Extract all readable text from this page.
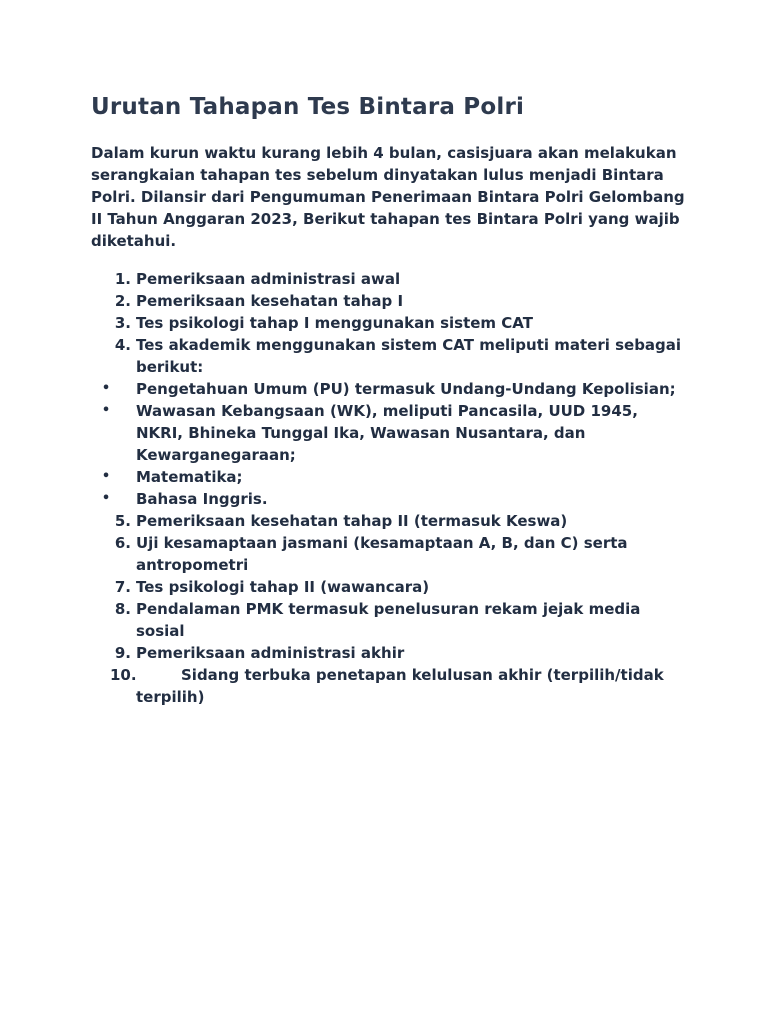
Urutan Tahapan Tes Bintara Polri

Dalam kurun waktu kurang lebih 4 bulan, casisjuara akan melakukan serangkaian tahapan tes sebelum dinyatakan lulus menjadi Bintara Polri. Dilansir dari Pengumuman Penerimaan Bintara Polri Gelombang II Tahun Anggaran 2023, Berikut tahapan tes Bintara Polri yang wajib diketahui.

1. Pemeriksaan administrasi awal
2. Pemeriksaan kesehatan tahap I
3. Tes psikologi tahap I menggunakan sistem CAT
4. Tes akademik menggunakan sistem CAT meliputi materi sebagai berikut:
•	Pengetahuan Umum (PU) termasuk Undang-Undang Kepolisian;
•	Wawasan Kebangsaan (WK), meliputi Pancasila, UUD 1945, NKRI, Bhineka Tunggal Ika, Wawasan Nusantara, dan Kewarganegaraan;
•	Matematika;
•	Bahasa Inggris.
5. Pemeriksaan kesehatan tahap II (termasuk Keswa)
6. Uji kesamaptaan jasmani (kesamaptaan A, B, dan C) serta antropometri
7. Tes psikologi tahap II (wawancara)
8. Pendalaman PMK termasuk penelusuran rekam jejak media sosial
9. Pemeriksaan administrasi akhir
10.	Sidang terbuka penetapan kelulusan akhir (terpilih/tidak terpilih)
